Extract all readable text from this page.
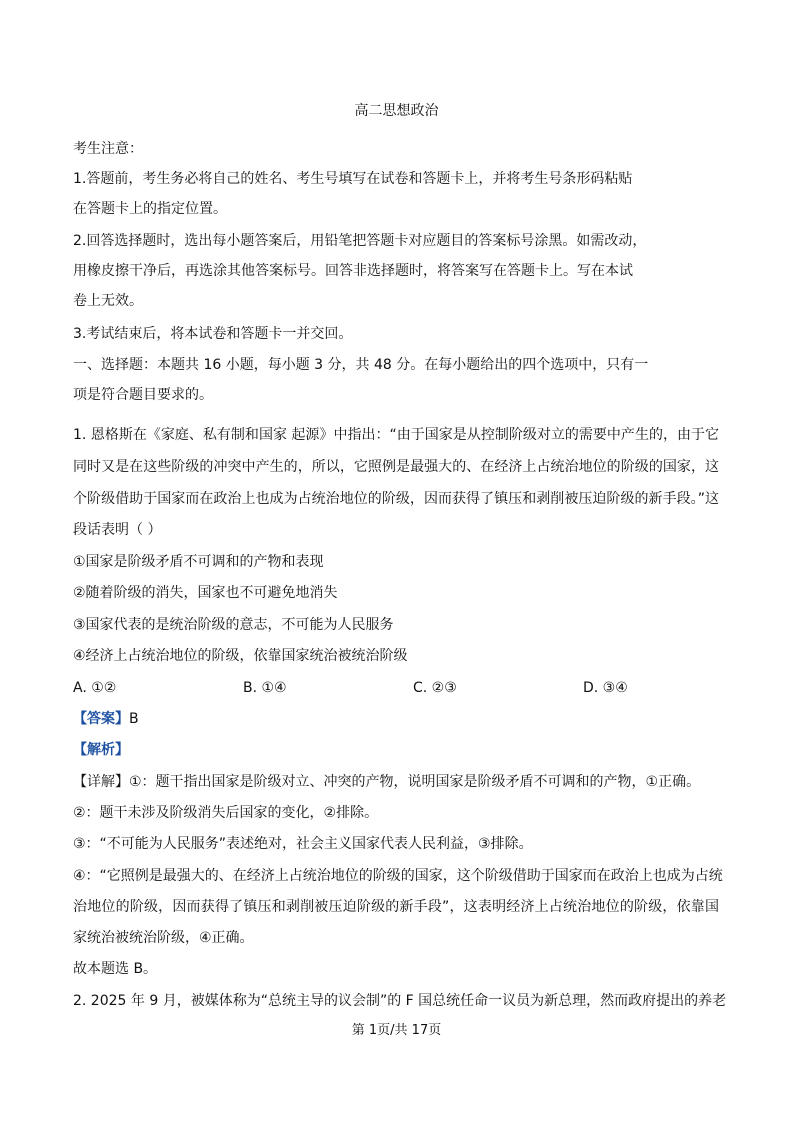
高二思想政治
考生注意：
1.答题前，考生务必将自己的姓名、考生号填写在试卷和答题卡上，并将考生号条形码粘贴
在答题卡上的指定位置。
2.回答选择题时，选出每小题答案后，用铅笔把答题卡对应题目的答案标号涂黑。如需改动，
用橡皮擦干净后，再选涂其他答案标号。回答非选择题时，将答案写在答题卡上。写在本试
卷上无效。
3.考试结束后，将本试卷和答题卡一并交回。
一、选择题：本题共 16 小题，每小题 3 分，共 48 分。在每小题给出的四个选项中，只有一
项是符合题目要求的。
1. 恩格斯在《家庭、私有制和国家 起源》中指出：“由于国家是从控制阶级对立的需要中产生的，由于它
同时又是在这些阶级的冲突中产生的，所以，它照例是最强大的、在经济上占统治地位的阶级的国家，这
个阶级借助于国家而在政治上也成为占统治地位的阶级，因而获得了镇压和剥削被压迫阶级的新手段。”这
段话表明（ ）
①国家是阶级矛盾不可调和的产物和表现
②随着阶级的消失，国家也不可避免地消失
③国家代表的是统治阶级的意志，不可能为人民服务
④经济上占统治地位的阶级，依靠国家统治被统治阶级
A. ①②	B. ①④	C. ②③	D. ③④
【答案】B
【解析】
【详解】①：题干指出国家是阶级对立、冲突的产物，说明国家是阶级矛盾不可调和的产物，①正确。
②：题干未涉及阶级消失后国家的变化，②排除。
③：“不可能为人民服务”表述绝对，社会主义国家代表人民利益，③排除。
④：“它照例是最强大的、在经济上占统治地位的阶级的国家，这个阶级借助于国家而在政治上也成为占统
治地位的阶级，因而获得了镇压和剥削被压迫阶级的新手段”，这表明经济上占统治地位的阶级，依靠国
家统治被统治阶级，④正确。
故本题选 B。
2. 2025 年 9 月，被媒体称为“总统主导的议会制”的 F 国总统任命一议员为新总理，然而政府提出的养老
第 1页/共 17页
